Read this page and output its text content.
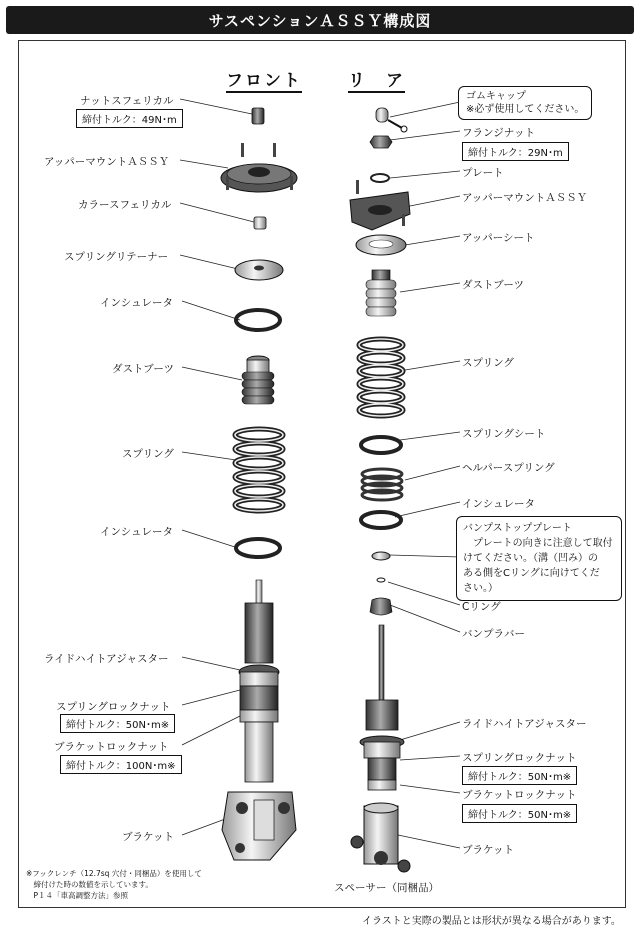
サスペンションＡＳＳＹ構成図
フロント	リ　ア
ナットスフェリカル
締付トルク：49N･m
アッパーマウントＡＳＳＹ
カラースフェリカル
スプリングリテーナー
インシュレータ
ダストブーツ
スプリング
インシュレータ
ライドハイトアジャスター
スプリングロックナット
締付トルク：50N･m※
ブラケットロックナット
締付トルク：100N･m※
ブラケット
※フックレンチ（12.7sq 穴付・同梱品）を使用して
　締付けた時の数値を示しています。
　P１４「車高調整方法」参照
ゴムキャップ
※必ず使用してください。
フランジナット
締付トルク：29N･m
プレート
アッパーマウントＡＳＳＹ
アッパーシート
ダストブーツ
スプリング
スプリングシート
ヘルパースプリング
インシュレータ
バンプストッププレート
プレートの向きに注意して取付
けてください。（溝（凹み）の
ある側をCリングに向けてくだ
さい。）
Cリング
バンプラバー
ライドハイトアジャスター
スプリングロックナット
締付トルク：50N･m※
ブラケットロックナット
締付トルク：50N･m※
ブラケット
スペーサー（同梱品）
イラストと実際の製品とは形状が異なる場合があります。
